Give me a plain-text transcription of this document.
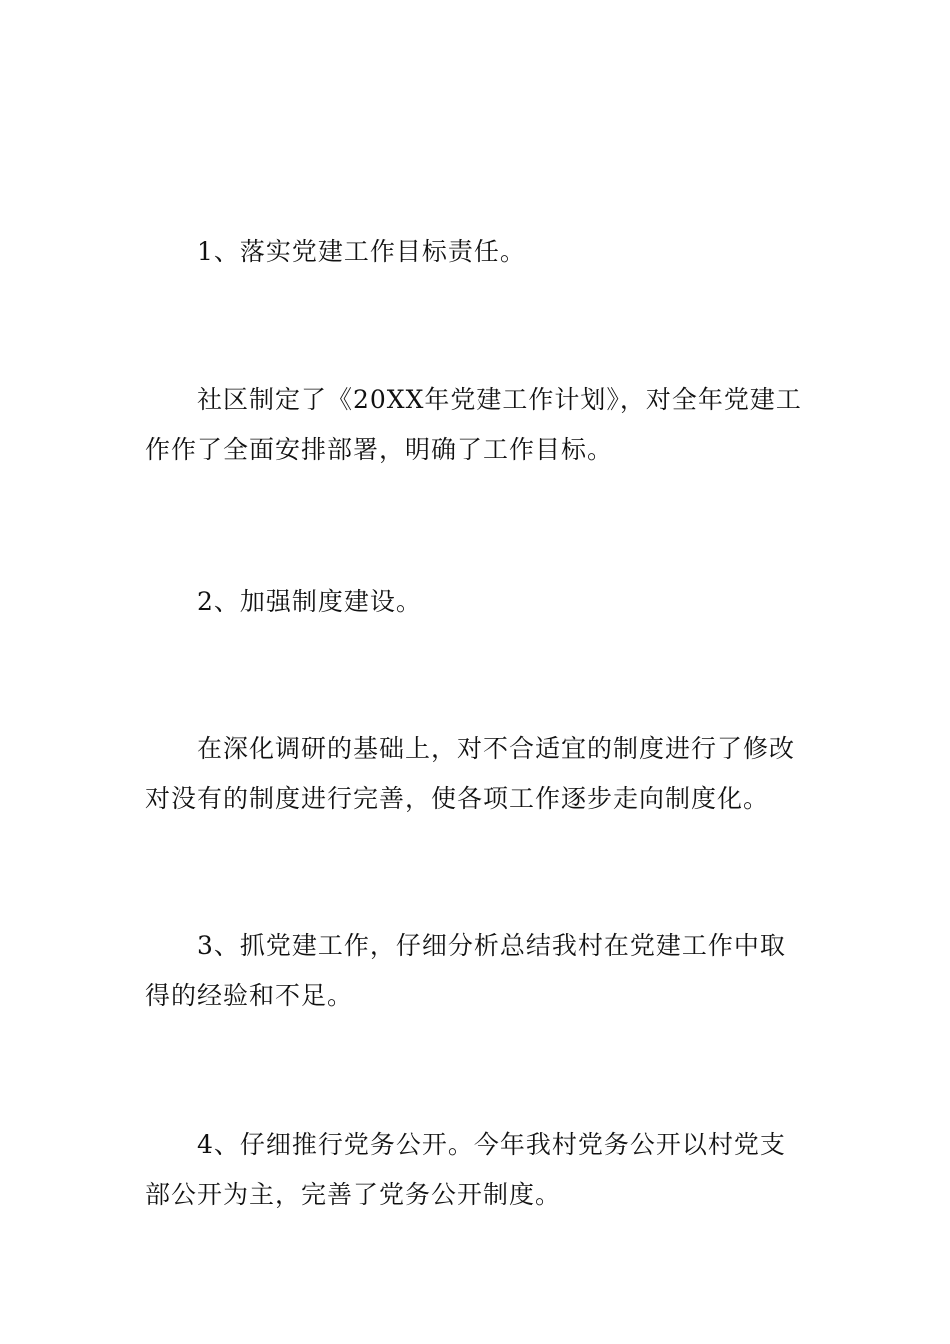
1、落实党建工作目标责任。

社区制定了《20XX年党建工作计划》，对全年党建工作作了全面安排部署，明确了工作目标。

2、加强制度建设。

在深化调研的基础上，对不合适宜的制度进行了修改对没有的制度进行完善，使各项工作逐步走向制度化。

3、抓党建工作，仔细分析总结我村在党建工作中取得的经验和不足。

4、仔细推行党务公开。今年我村党务公开以村党支部公开为主，完善了党务公开制度。
